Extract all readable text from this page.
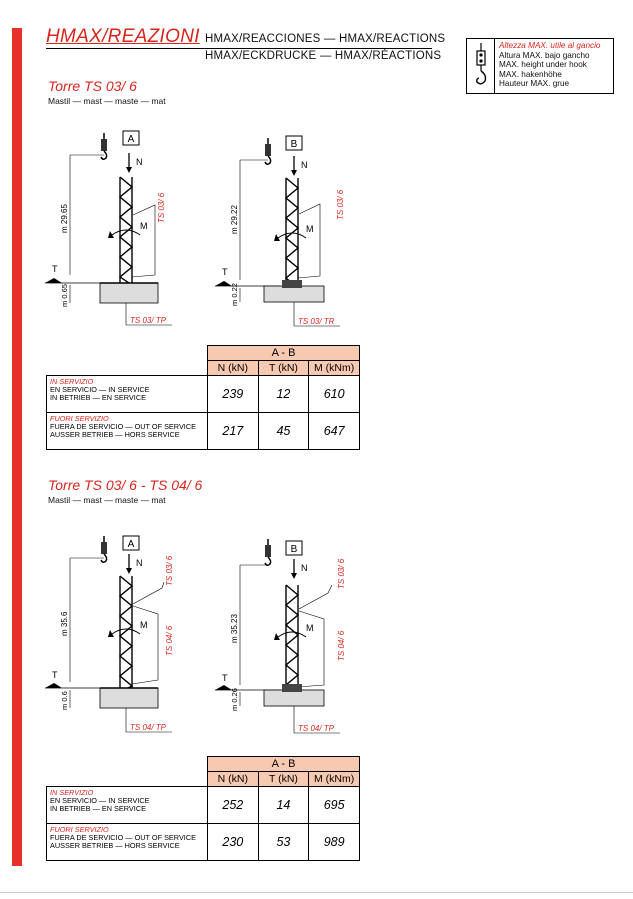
HMAX/REAZIONI HMAX/REACCIONES — HMAX/REACTIONS
HMAX/ECKDRUCKE — HMAX/RÉACTIONS
Altezza MAX. utile al gancio
Altura MAX. bajo gancho
MAX. height under hook
MAX. hakenhöhe
Hauteur MAX. grue
Torre TS 03/ 6
Mastil — mast — maste — mat
A
N
M
TS 03/ 6
m 29.65
T
m 0.65
TS 03/ TP
B
N
M
TS 03/ 6
m 29.22
T
m 0.22
TS 03/ TR
	A - B		
	N (kN)	T (kN)	M (kNm)

IN SERVIZIO
EN SERVICIO — IN SERVICE
IN BETRIEB — EN SERVICE	239	12	610

FUORI SERVIZIO
FUERA DE SERVICIO — OUT OF SERVICE
AUSSER BETRIEB — HORS SERVICE	217	45	647
Torre TS 03/ 6 - TS 04/ 6
Mastil — mast — maste — mat
A
N
M
TS 03/ 6
TS 04/ 6
m 35.6
T
m 0.6
TS 04/ TP
B
N
M
TS 03/ 6
TS 04/ 6
m 35.23
T
m 0.26
TS 04/ TP
	A - B		
	N (kN)	T (kN)	M (kNm)

IN SERVIZIO
EN SERVICIO — IN SERVICE
IN BETRIEB — EN SERVICE	252	14	695

FUORI SERVIZIO
FUERA DE SERVICIO — OUT OF SERVICE
AUSSER BETRIEB — HORS SERVICE	230	53	989
